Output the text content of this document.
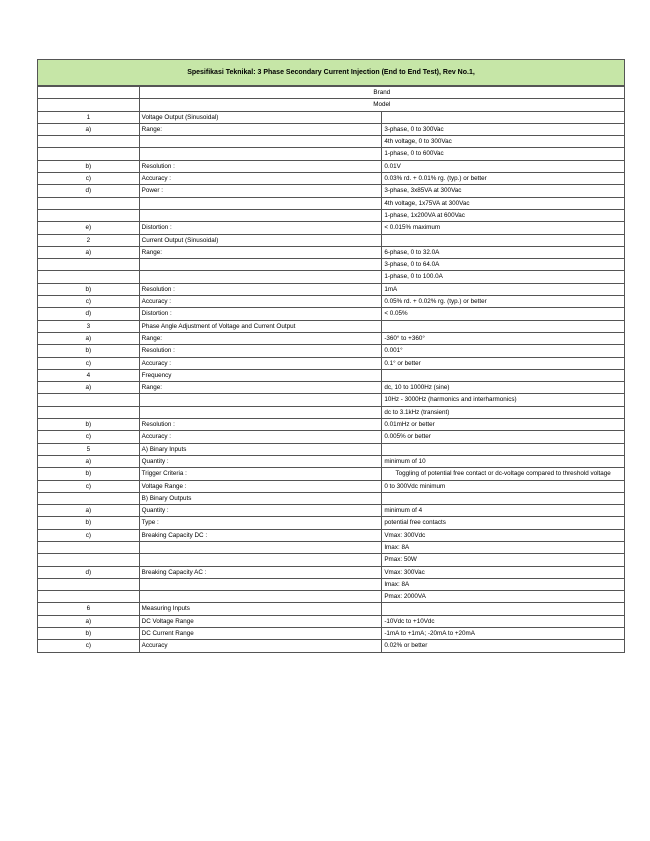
Spesifikasi Teknikal: 3 Phase Secondary Current Injection (End to End Test), Rev No.1,
	Brand	
	Model	
1	Voltage Output (Sinusoidal)	
a)	Range:	3-phase, 0 to 300Vac
		4th voltage, 0 to 300Vac
		1-phase, 0 to 600Vac
b)	Resolution :	0.01V
c)	Accuracy :	0.03% rd. + 0.01% rg. (typ.) or better
d)	Power :	3-phase, 3x85VA at 300Vac
		4th voltage, 1x75VA at 300Vac
		1-phase, 1x200VA at 600Vac
e)	Distortion :	< 0.015% maximum
2	Current Output (Sinusoidal)	
a)	Range:	6-phase, 0 to 32.0A
		3-phase, 0 to 64.0A
		1-phase, 0 to 100.0A
b)	Resolution :	1mA
c)	Accuracy :	0.05% rd. + 0.02% rg. (typ.) or better
d)	Distortion :	< 0.05%
3	Phase Angle Adjustment of Voltage and Current Output	
a)	Range:	-360° to +360°
b)	Resolution :	0.001°
c)	Accuracy :	0.1° or better
4	Frequency	
a)	Range:	dc, 10 to 1000Hz (sine)
		10Hz - 3000Hz (harmonics and interharmonics)
		dc to 3.1kHz (transient)
b)	Resolution :	0.01mHz or better
c)	Accuracy :	0.005% or better
5	A) Binary Inputs	
a)	Quantity :	minimum of 10
b)	Trigger Criteria :	Toggling of potential free contact or dc-voltage compared to threshold voltage
c)	Voltage Range :	0 to 300Vdc minimum
	B) Binary Outputs	
a)	Quantity :	minimum of 4
b)	Type :	potential free contacts
c)	Breaking Capacity DC :	Vmax: 300Vdc
		Imax: 8A
		Pmax: 50W
d)	Breaking Capacity AC :	Vmax: 300Vac
		Imax: 8A
		Pmax: 2000VA
6	Measuring Inputs	
a)	DC Voltage Range	-10Vdc to +10Vdc
b)	DC Current Range	-1mA to +1mA; -20mA to +20mA
c)	Accuracy	0.02% or better
